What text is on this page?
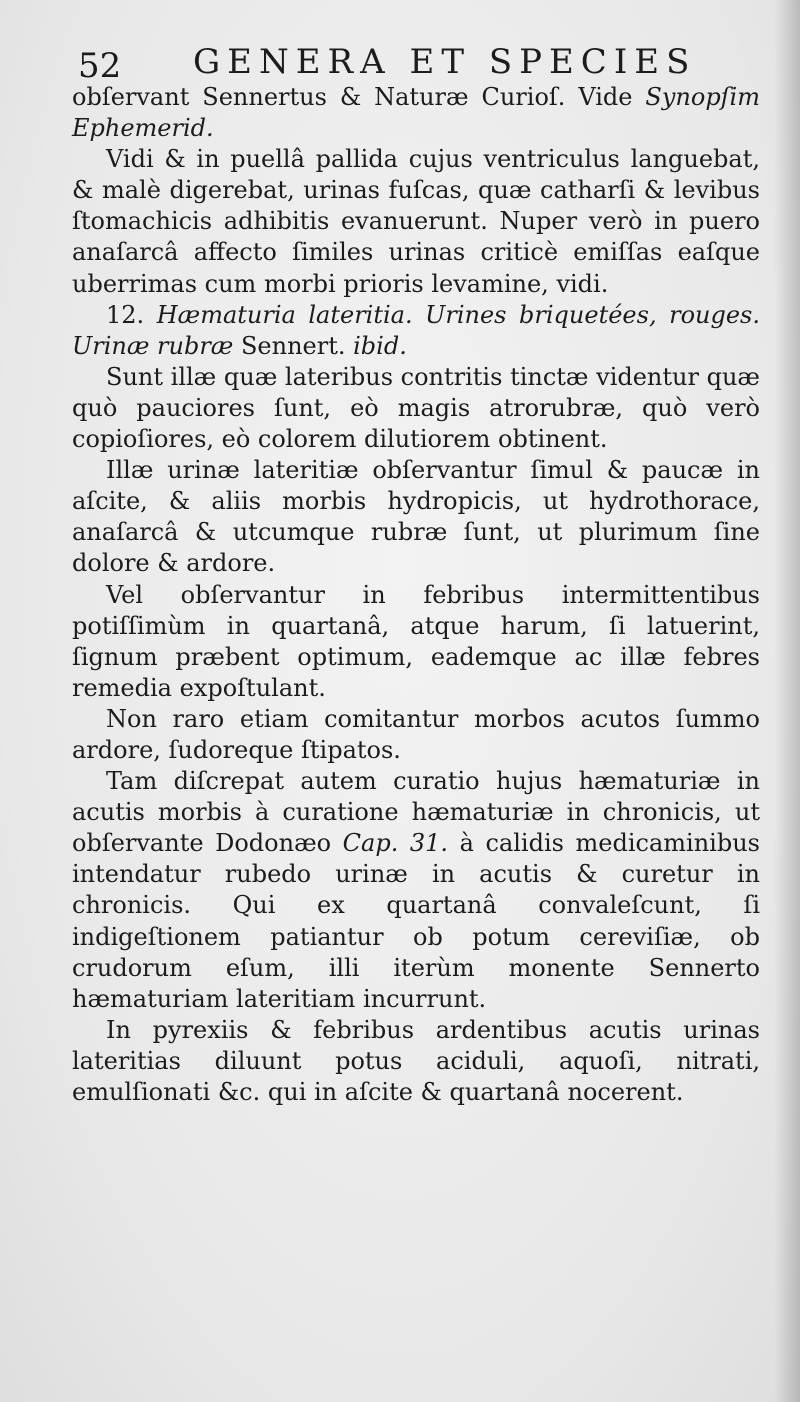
52 GENERA ET SPECIES

obſervant Sennertus & Naturæ Curioſ. Vide Synopſim Ephemerid.

Vidi & in puellâ pallida cujus ventriculus languebat, & malè digerebat, urinas fuſcas, quæ catharſi & levibus ſtomachicis adhibitis evanuerunt. Nuper verò in puero anaſarcâ affecto ſimiles urinas criticè emiſſas eaſque uberrimas cum morbi prioris levamine, vidi.

12. Hæmaturia lateritia. Urines briquetées, rouges. Urinæ rubræ Sennert. ibid.

Sunt illæ quæ lateribus contritis tinctæ videntur quæ quò pauciores ſunt, eò magis atrorubræ, quò verò copioſiores, eò colorem dilutiorem obtinent.

Illæ urinæ lateritiæ obſervantur ſimul & paucæ in aſcite, & aliis morbis hydropicis, ut hydrothorace, anaſarcâ & utcumque rubræ ſunt, ut plurimum ſine dolore & ardore.

Vel obſervantur in febribus intermittentibus potiſſimùm in quartanâ, atque harum, ſi latuerint, ſignum præbent optimum, eademque ac illæ febres remedia expoſtulant.

Non raro etiam comitantur morbos acutos ſummo ardore, ſudoreque ſtipatos.

Tam diſcrepat autem curatio hujus hæmaturiæ in acutis morbis à curatione hæmaturiæ in chronicis, ut obſervante Dodonæo Cap. 31. à calidis medicaminibus intendatur rubedo urinæ in acutis & curetur in chronicis. Qui ex quartanâ convaleſcunt, ſi indigeſtionem patiantur ob potum cereviſiæ, ob crudorum eſum, illi iterùm monente Sennerto hæmaturiam lateritiam incurrunt.

In pyrexiis & febribus ardentibus acutis urinas lateritias diluunt potus aciduli, aquoſi, nitrati, emulſionati &c. qui in aſcite & quartanâ nocerent.
